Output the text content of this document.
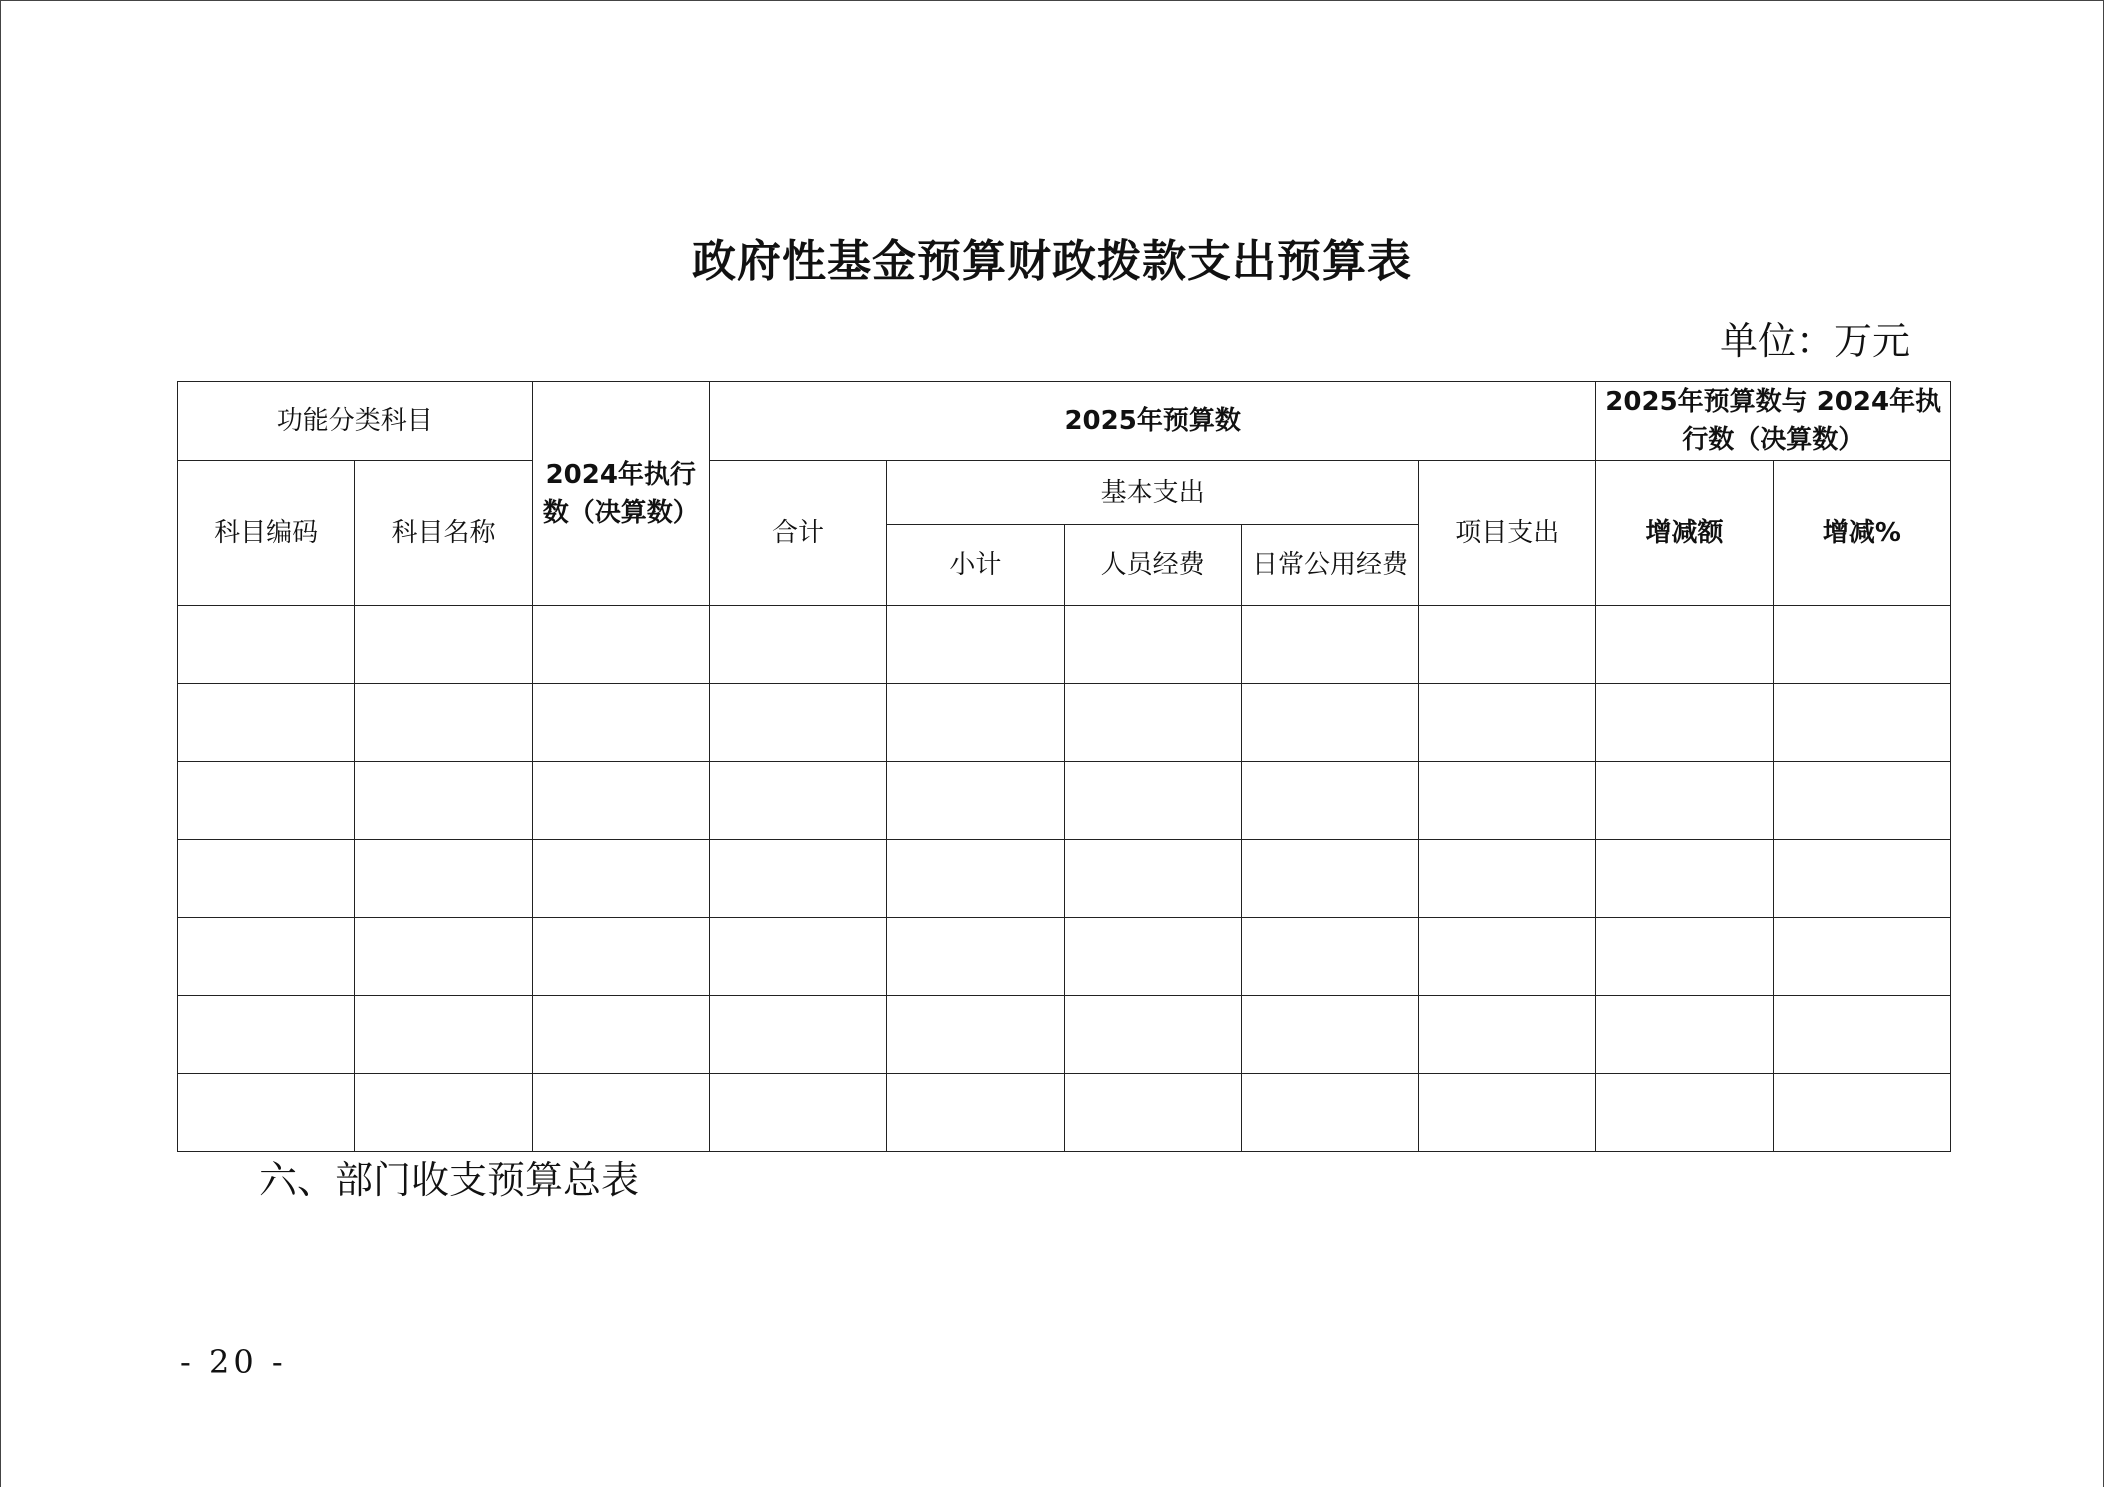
政府性基金预算财政拨款支出预算表
单位：万元
功能分类科目		2024年执行数（决算数）	2025年预算数					2025年预算数与 2024年执行数（决算数）	
科目编码	科目名称		合计	基本支出			项目支出	增减额	增减%
				小计	人员经费	日常公用经费			

六、部门收支预算总表
- 20 -
